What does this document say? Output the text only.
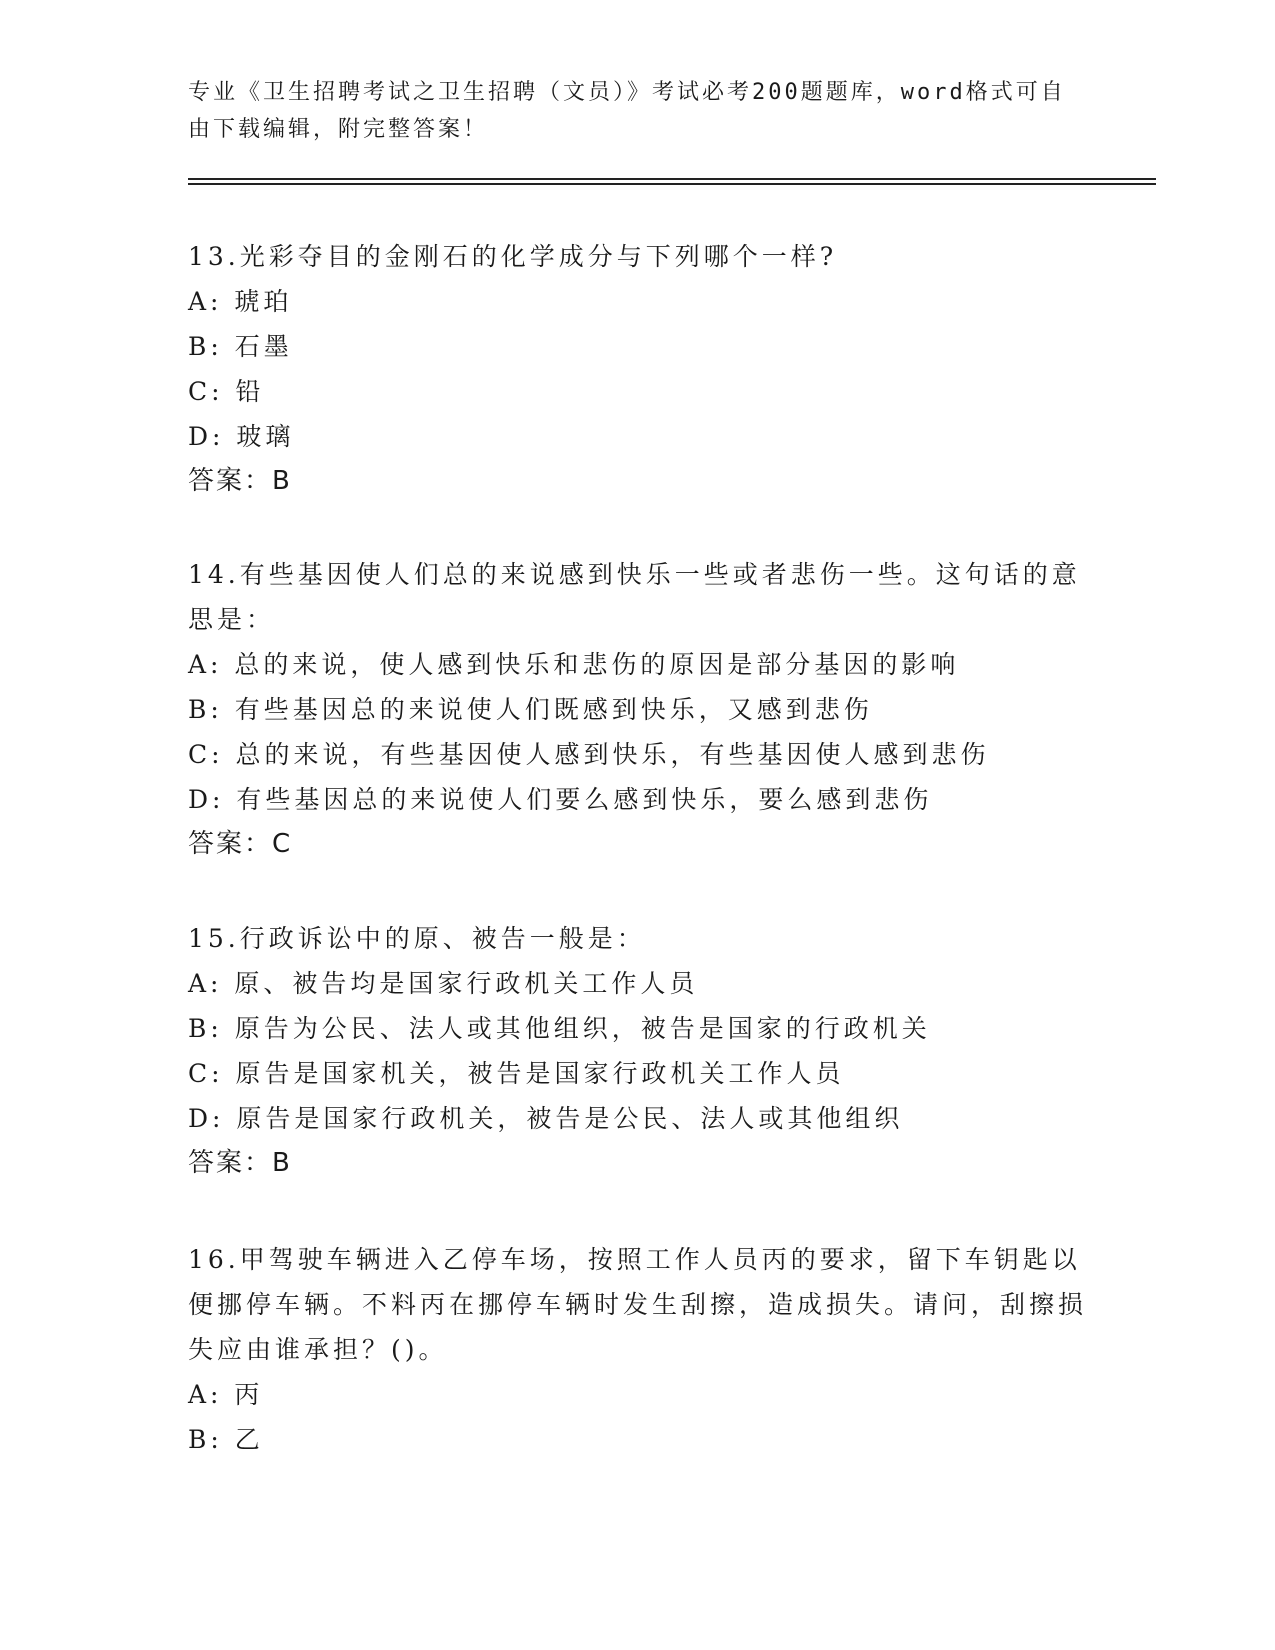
专业《卫生招聘考试之卫生招聘（文员）》考试必考200题题库，word格式可自由下载编辑，附完整答案！
13.光彩夺目的金刚石的化学成分与下列哪个一样?
A: 琥珀
B: 石墨
C: 铅
D: 玻璃
答案：B
14.有些基因使人们总的来说感到快乐一些或者悲伤一些。这句话的意思是：
A: 总的来说，使人感到快乐和悲伤的原因是部分基因的影响
B: 有些基因总的来说使人们既感到快乐，又感到悲伤
C: 总的来说，有些基因使人感到快乐，有些基因使人感到悲伤
D: 有些基因总的来说使人们要么感到快乐，要么感到悲伤
答案：C
15.行政诉讼中的原、被告一般是：
A: 原、被告均是国家行政机关工作人员
B: 原告为公民、法人或其他组织，被告是国家的行政机关
C: 原告是国家机关，被告是国家行政机关工作人员
D: 原告是国家行政机关，被告是公民、法人或其他组织
答案：B
16.甲驾驶车辆进入乙停车场，按照工作人员丙的要求，留下车钥匙以便挪停车辆。不料丙在挪停车辆时发生刮擦，造成损失。请问，刮擦损失应由谁承担？()。
A: 丙
B: 乙
